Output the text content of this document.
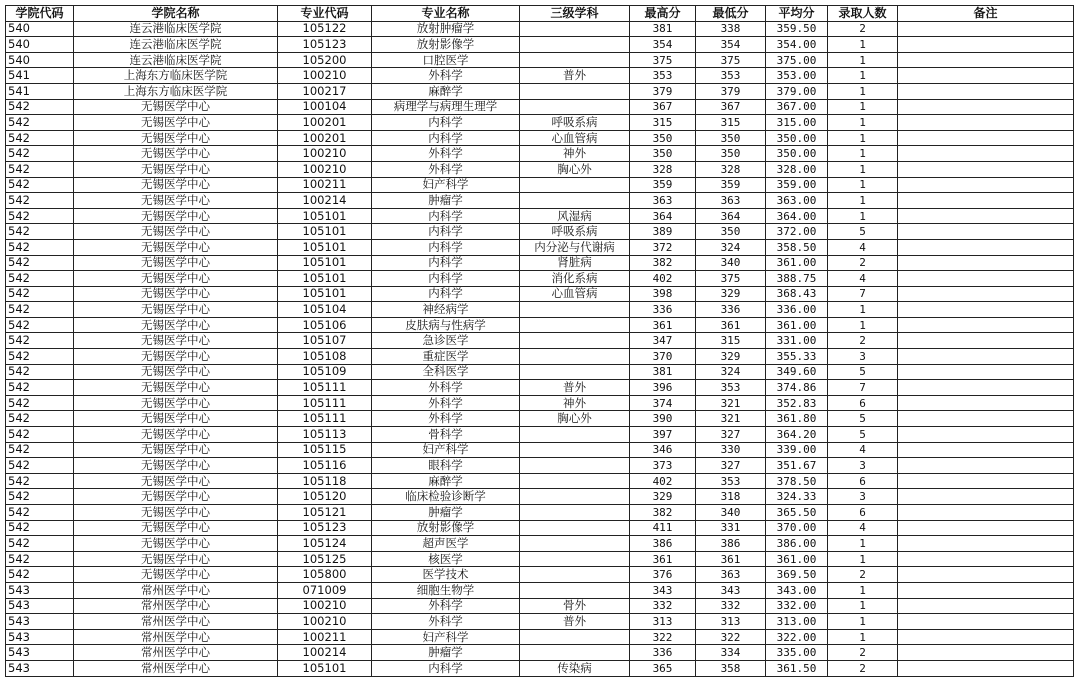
学院代码	学院名称	专业代码	专业名称	三级学科	最高分	最低分	平均分	录取人数	备注
540	连云港临床医学院	105122	放射肿瘤学		381	338	359.50	2	
540	连云港临床医学院	105123	放射影像学		354	354	354.00	1	
540	连云港临床医学院	105200	口腔医学		375	375	375.00	1	
541	上海东方临床医学院	100210	外科学	普外	353	353	353.00	1	
541	上海东方临床医学院	100217	麻醉学		379	379	379.00	1	
542	无锡医学中心	100104	病理学与病理生理学		367	367	367.00	1	
542	无锡医学中心	100201	内科学	呼吸系病	315	315	315.00	1	
542	无锡医学中心	100201	内科学	心血管病	350	350	350.00	1	
542	无锡医学中心	100210	外科学	神外	350	350	350.00	1	
542	无锡医学中心	100210	外科学	胸心外	328	328	328.00	1	
542	无锡医学中心	100211	妇产科学		359	359	359.00	1	
542	无锡医学中心	100214	肿瘤学		363	363	363.00	1	
542	无锡医学中心	105101	内科学	风湿病	364	364	364.00	1	
542	无锡医学中心	105101	内科学	呼吸系病	389	350	372.00	5	
542	无锡医学中心	105101	内科学	内分泌与代谢病	372	324	358.50	4	
542	无锡医学中心	105101	内科学	肾脏病	382	340	361.00	2	
542	无锡医学中心	105101	内科学	消化系病	402	375	388.75	4	
542	无锡医学中心	105101	内科学	心血管病	398	329	368.43	7	
542	无锡医学中心	105104	神经病学		336	336	336.00	1	
542	无锡医学中心	105106	皮肤病与性病学		361	361	361.00	1	
542	无锡医学中心	105107	急诊医学		347	315	331.00	2	
542	无锡医学中心	105108	重症医学		370	329	355.33	3	
542	无锡医学中心	105109	全科医学		381	324	349.60	5	
542	无锡医学中心	105111	外科学	普外	396	353	374.86	7	
542	无锡医学中心	105111	外科学	神外	374	321	352.83	6	
542	无锡医学中心	105111	外科学	胸心外	390	321	361.80	5	
542	无锡医学中心	105113	骨科学		397	327	364.20	5	
542	无锡医学中心	105115	妇产科学		346	330	339.00	4	
542	无锡医学中心	105116	眼科学		373	327	351.67	3	
542	无锡医学中心	105118	麻醉学		402	353	378.50	6	
542	无锡医学中心	105120	临床检验诊断学		329	318	324.33	3	
542	无锡医学中心	105121	肿瘤学		382	340	365.50	6	
542	无锡医学中心	105123	放射影像学		411	331	370.00	4	
542	无锡医学中心	105124	超声医学		386	386	386.00	1	
542	无锡医学中心	105125	核医学		361	361	361.00	1	
542	无锡医学中心	105800	医学技术		376	363	369.50	2	
543	常州医学中心	071009	细胞生物学		343	343	343.00	1	
543	常州医学中心	100210	外科学	骨外	332	332	332.00	1	
543	常州医学中心	100210	外科学	普外	313	313	313.00	1	
543	常州医学中心	100211	妇产科学		322	322	322.00	1	
543	常州医学中心	100214	肿瘤学		336	334	335.00	2	
543	常州医学中心	105101	内科学	传染病	365	358	361.50	2	
